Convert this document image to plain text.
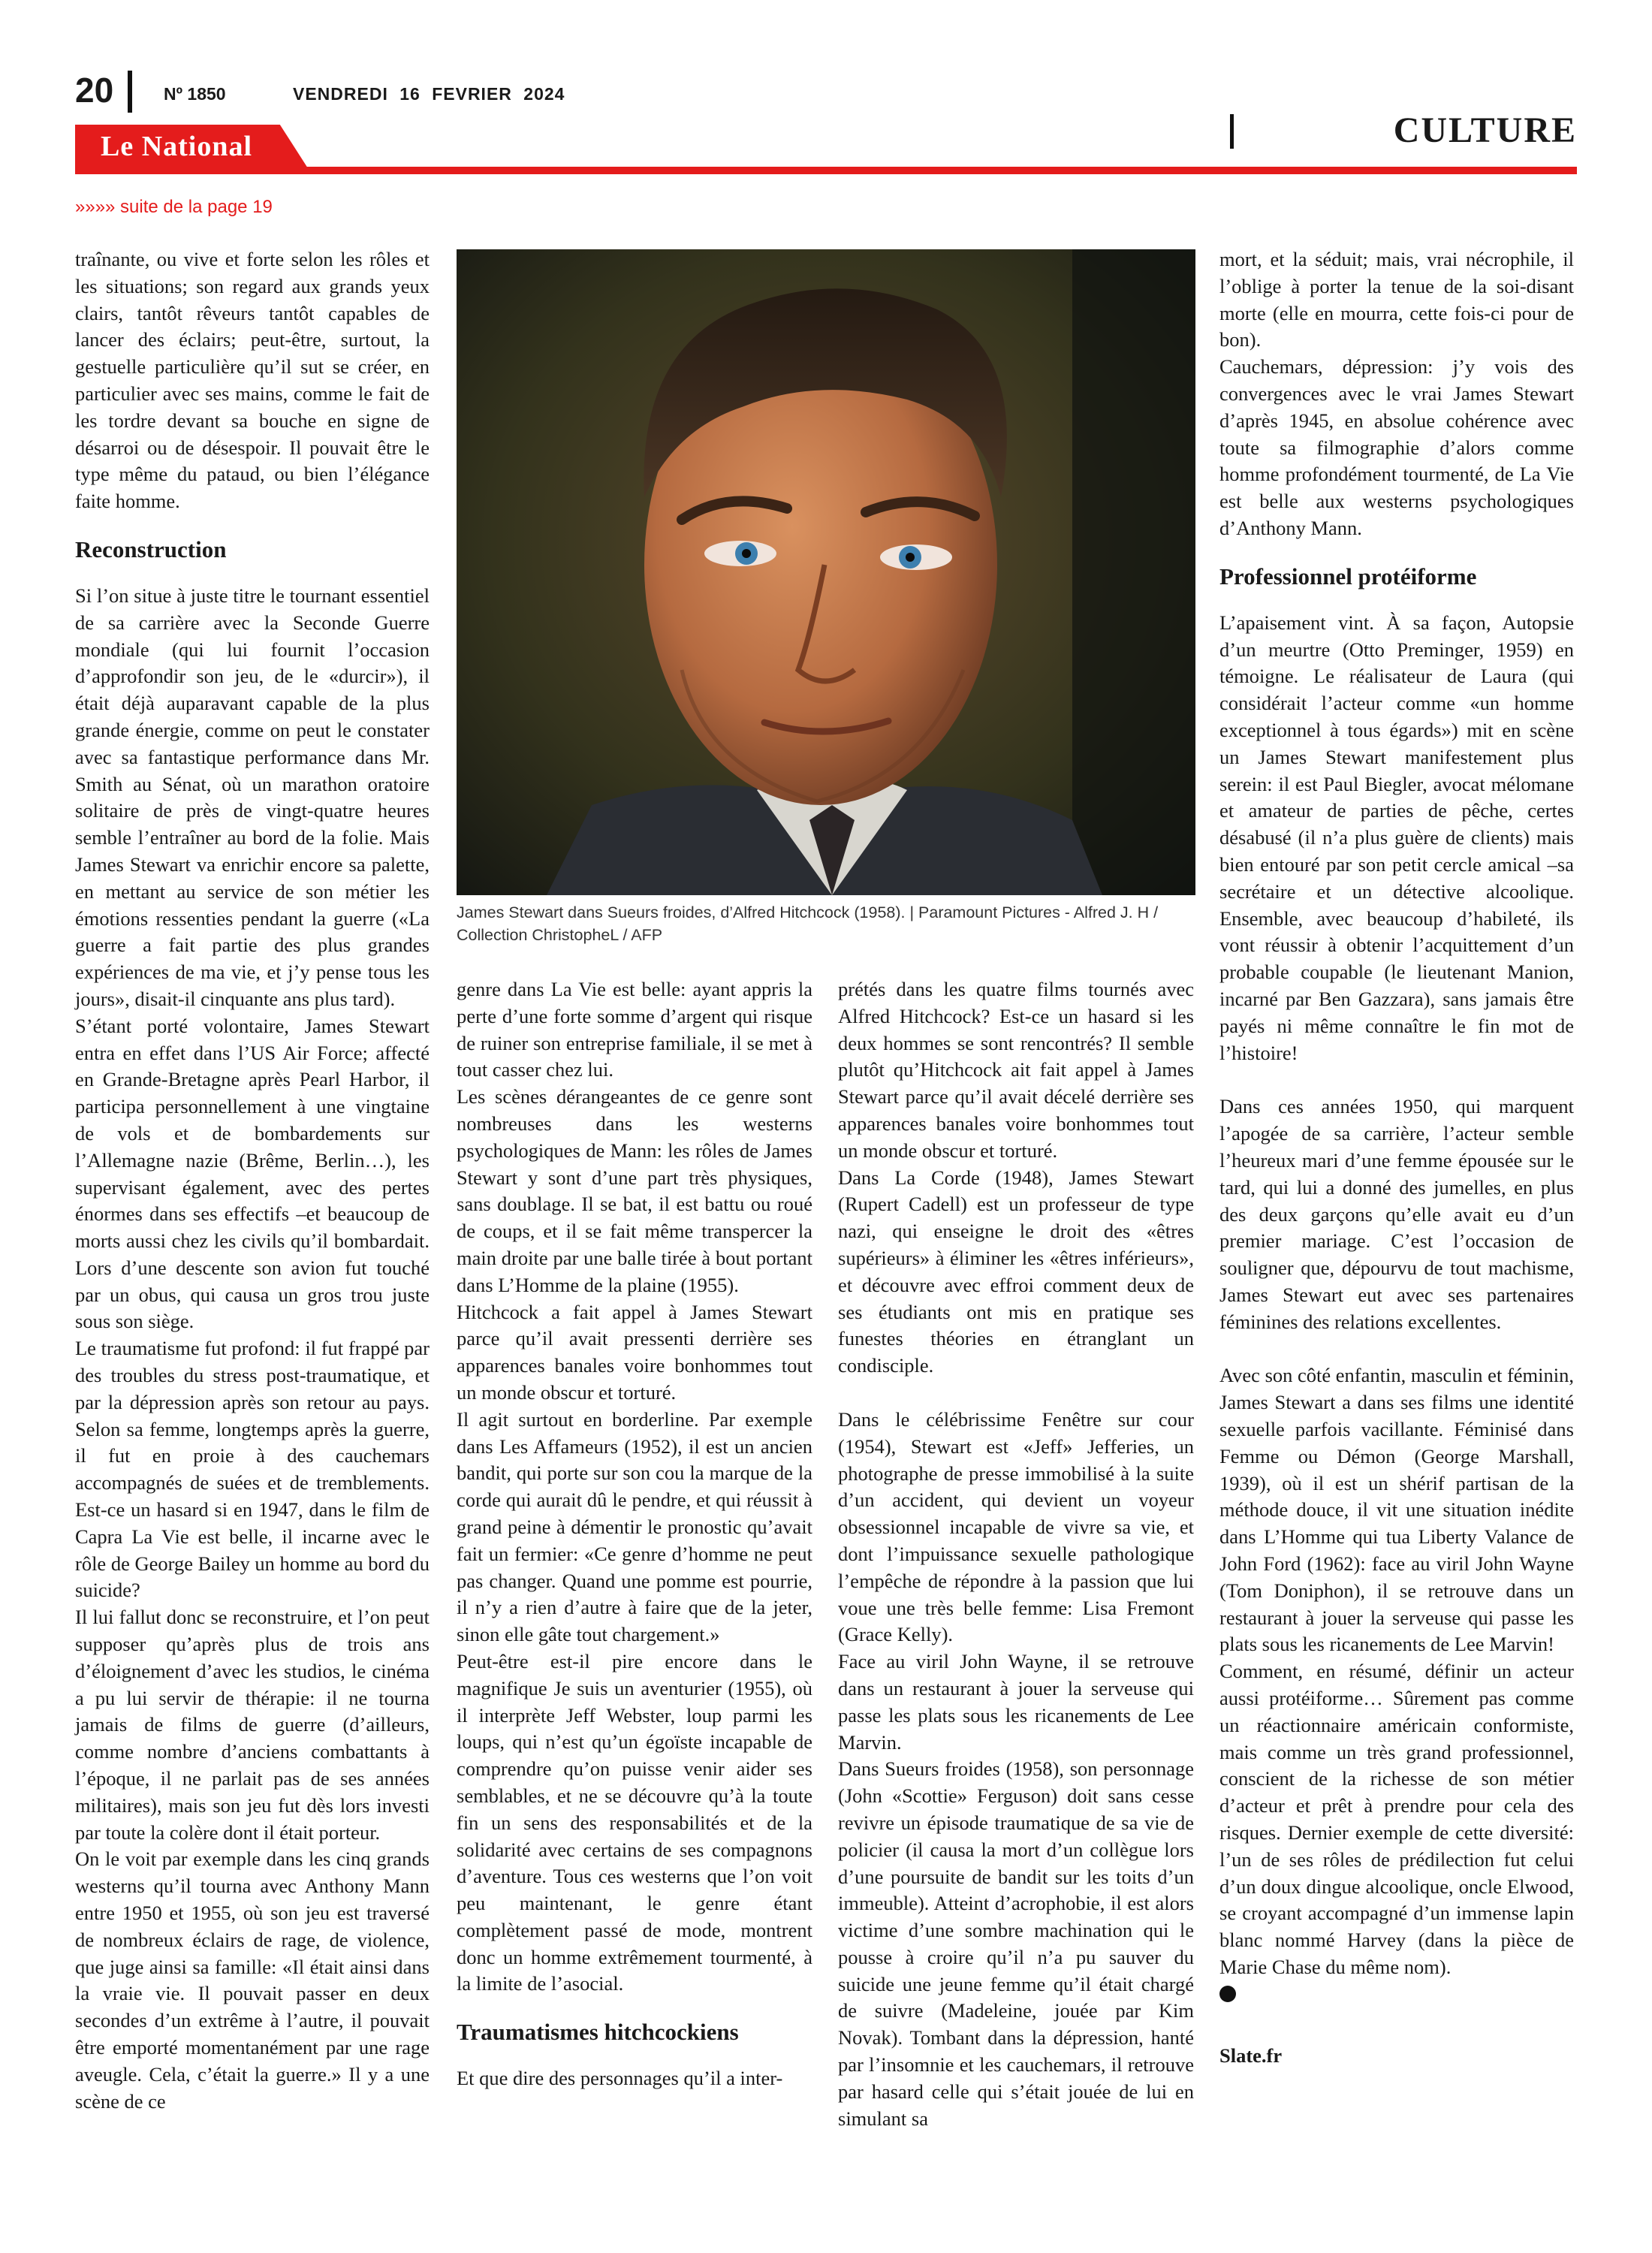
20	Nº 1850	VENDREDI 16 FEVRIER 2024
Le National	CULTURE
»»»» suite de la page 19

traînante, ou vive et forte selon les rôles et les situations; son regard aux grands yeux clairs, tantôt rêveurs tantôt capables de lancer des éclairs; peut-être, surtout, la gestuelle particulière qu’il sut se créer, en particulier avec ses mains, comme le fait de les tordre devant sa bouche en signe de désarroi ou de désespoir. Il pouvait être le type même du pataud, ou bien l’élégance faite homme.

Reconstruction

Si l’on situe à juste titre le tournant essentiel de sa carrière avec la Seconde Guerre mondiale (qui lui fournit l’occasion d’approfondir son jeu, de le «durcir»), il était déjà auparavant capable de la plus grande énergie, comme on peut le constater avec sa fantastique performance dans Mr. Smith au Sénat, où un marathon oratoire solitaire de près de vingt-quatre heures semble l’entraîner au bord de la folie. Mais James Stewart va enrichir encore sa palette, en mettant au service de son métier les émotions ressenties pendant la guerre («La guerre a fait partie des plus grandes expériences de ma vie, et j’y pense tous les jours», disait-il cinquante ans plus tard).

S’étant porté volontaire, James Stewart entra en effet dans l’US Air Force; affecté en Grande-Bretagne après Pearl Harbor, il participa personnellement à une vingtaine de vols et de bombardements sur l’Allemagne nazie (Brême, Berlin…), les supervisant également, avec des pertes énormes dans ses effectifs –et beaucoup de morts aussi chez les civils qu’il bombardait. Lors d’une descente son avion fut touché par un obus, qui causa un gros trou juste sous son siège.

Le traumatisme fut profond: il fut frappé par des troubles du stress post-traumatique, et par la dépression après son retour au pays. Selon sa femme, longtemps après la guerre, il fut en proie à des cauchemars accompagnés de suées et de tremblements. Est-ce un hasard si en 1947, dans le film de Capra La Vie est belle, il incarne avec le rôle de George Bailey un homme au bord du suicide?

Il lui fallut donc se reconstruire, et l’on peut supposer qu’après plus de trois ans d’éloignement d’avec les studios, le cinéma a pu lui servir de thérapie: il ne tourna jamais de films de guerre (d’ailleurs, comme nombre d’anciens combattants à l’époque, il ne parlait pas de ses années militaires), mais son jeu fut dès lors investi par toute la colère dont il était porteur.

On le voit par exemple dans les cinq grands westerns qu’il tourna avec Anthony Mann entre 1950 et 1955, où son jeu est traversé de nombreux éclairs de rage, de violence, que juge ainsi sa famille: «Il était ainsi dans la vraie vie. Il pouvait passer en deux secondes d’un extrême à l’autre, il pouvait être emporté momentanément par une rage aveugle. Cela, c’était la guerre.» Il y a une scène de ce

James Stewart dans Sueurs froides, d’Alfred Hitchcock (1958). | Paramount Pictures - Alfred J. H / Collection ChristopheL / AFP

genre dans La Vie est belle: ayant appris la perte d’une forte somme d’argent qui risque de ruiner son entreprise familiale, il se met à tout casser chez lui.

Les scènes dérangeantes de ce genre sont nombreuses dans les westerns psychologiques de Mann: les rôles de James Stewart y sont d’une part très physiques, sans doublage. Il se bat, il est battu ou roué de coups, et il se fait même transpercer la main droite par une balle tirée à bout portant dans L’Homme de la plaine (1955).

Hitchcock a fait appel à James Stewart parce qu’il avait pressenti derrière ses apparences banales voire bonhommes tout un monde obscur et torturé.

Il agit surtout en borderline. Par exemple dans Les Affameurs (1952), il est un ancien bandit, qui porte sur son cou la marque de la corde qui aurait dû le pendre, et qui réussit à grand peine à démentir le pronostic qu’avait fait un fermier: «Ce genre d’homme ne peut pas changer. Quand une pomme est pourrie, il n’y a rien d’autre à faire que de la jeter, sinon elle gâte tout chargement.»

Peut-être est-il pire encore dans le magnifique Je suis un aventurier (1955), où il interprète Jeff Webster, loup parmi les loups, qui n’est qu’un égoïste incapable de comprendre qu’on puisse venir aider ses semblables, et ne se découvre qu’à la toute fin un sens des responsabilités et de la solidarité avec certains de ses compagnons d’aventure. Tous ces westerns que l’on voit peu maintenant, le genre étant complètement passé de mode, montrent donc un homme extrêmement tourmenté, à la limite de l’asocial.

Traumatismes hitchcockiens

Et que dire des personnages qu’il a inter-

prétés dans les quatre films tournés avec Alfred Hitchcock? Est-ce un hasard si les deux hommes se sont rencontrés? Il semble plutôt qu’Hitchcock ait fait appel à James Stewart parce qu’il avait décelé derrière ses apparences banales voire bonhommes tout un monde obscur et torturé.

Dans La Corde (1948), James Stewart (Rupert Cadell) est un professeur de type nazi, qui enseigne le droit des «êtres supérieurs» à éliminer les «êtres inférieurs», et découvre avec effroi comment deux de ses étudiants ont mis en pratique ses funestes théories en étranglant un condisciple.

Dans le célébrissime Fenêtre sur cour (1954), Stewart est «Jeff» Jefferies, un photographe de presse immobilisé à la suite d’un accident, qui devient un voyeur obsessionnel incapable de vivre sa vie, et dont l’impuissance sexuelle pathologique l’empêche de répondre à la passion que lui voue une très belle femme: Lisa Fremont (Grace Kelly).

Face au viril John Wayne, il se retrouve dans un restaurant à jouer la serveuse qui passe les plats sous les ricanements de Lee Marvin.

Dans Sueurs froides (1958), son personnage (John «Scottie» Ferguson) doit sans cesse revivre un épisode traumatique de sa vie de policier (il causa la mort d’un collègue lors d’une poursuite de bandit sur les toits d’un immeuble). Atteint d’acrophobie, il est alors victime d’une sombre machination qui le pousse à croire qu’il n’a pu sauver du suicide une jeune femme qu’il était chargé de suivre (Madeleine, jouée par Kim Novak). Tombant dans la dépression, hanté par l’insomnie et les cauchemars, il retrouve par hasard celle qui s’était jouée de lui en simulant sa

mort, et la séduit; mais, vrai nécrophile, il l’oblige à porter la tenue de la soi-disant morte (elle en mourra, cette fois-ci pour de bon).

Cauchemars, dépression: j’y vois des convergences avec le vrai James Stewart d’après 1945, en absolue cohérence avec toute sa filmographie d’alors comme homme profondément tourmenté, de La Vie est belle aux westerns psychologiques d’Anthony Mann.

Professionnel protéiforme

L’apaisement vint. À sa façon, Autopsie d’un meurtre (Otto Preminger, 1959) en témoigne. Le réalisateur de Laura (qui considérait l’acteur comme «un homme exceptionnel à tous égards») mit en scène un James Stewart manifestement plus serein: il est Paul Biegler, avocat mélomane et amateur de parties de pêche, certes désabusé (il n’a plus guère de clients) mais bien entouré par son petit cercle amical –sa secrétaire et un détective alcoolique. Ensemble, avec beaucoup d’habileté, ils vont réussir à obtenir l’acquittement d’un probable coupable (le lieutenant Manion, incarné par Ben Gazzara), sans jamais être payés ni même connaître le fin mot de l’histoire!

Dans ces années 1950, qui marquent l’apogée de sa carrière, l’acteur semble l’heureux mari d’une femme épousée sur le tard, qui lui a donné des jumelles, en plus des deux garçons qu’elle avait eu d’un premier mariage. C’est l’occasion de souligner que, dépourvu de tout machisme, James Stewart eut avec ses partenaires féminines des relations excellentes.

Avec son côté enfantin, masculin et féminin, James Stewart a dans ses films une identité sexuelle parfois vacillante. Féminisé dans Femme ou Démon (George Marshall, 1939), où il est un shérif partisan de la méthode douce, il vit une situation inédite dans L’Homme qui tua Liberty Valance de John Ford (1962): face au viril John Wayne (Tom Doniphon), il se retrouve dans un restaurant à jouer la serveuse qui passe les plats sous les ricanements de Lee Marvin!

Comment, en résumé, définir un acteur aussi protéiforme… Sûrement pas comme un réactionnaire américain conformiste, mais comme un très grand professionnel, conscient de la richesse de son métier d’acteur et prêt à prendre pour cela des risques. Dernier exemple de cette diversité: l’un de ses rôles de prédilection fut celui d’un doux dingue alcoolique, oncle Elwood, se croyant accompagné d’un immense lapin blanc nommé Harvey (dans la pièce de Marie Chase du même nom).

Slate.fr
